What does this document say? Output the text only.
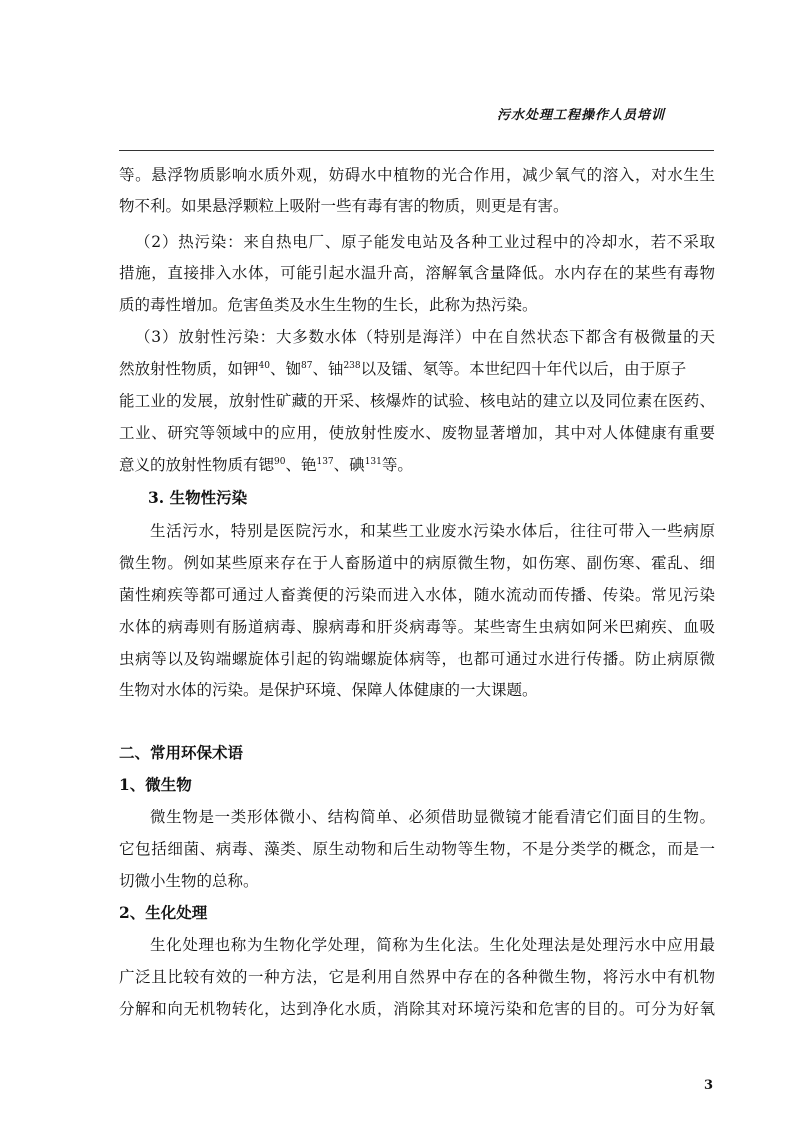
污水处理工程操作人员培训
等。悬浮物质影响水质外观，妨碍水中植物的光合作用，减少氧气的溶入，对水生生
物不利。如果悬浮颗粒上吸附一些有毒有害的物质，则更是有害。
（2）热污染：来自热电厂、原子能发电站及各种工业过程中的冷却水，若不采取
措施，直接排入水体，可能引起水温升高，溶解氧含量降低。水内存在的某些有毒物
质的毒性增加。危害鱼类及水生生物的生长，此称为热污染。
（3）放射性污染：大多数水体（特别是海洋）中在自然状态下都含有极微量的天
然放射性物质，如钾$^{40}$、铷$^{87}$、铀$^{238}$以及镭、氡等。本世纪四十年代以后，由于原子
能工业的发展，放射性矿藏的开采、核爆炸的试验、核电站的建立以及同位素在医药、
工业、研究等领域中的应用，使放射性废水、废物显著增加，其中对人体健康有重要
意义的放射性物质有锶$^{90}$、铯$^{137}$、碘$^{131}$等。
3. 生物性污染
生活污水，特别是医院污水，和某些工业废水污染水体后，往往可带入一些病原
微生物。例如某些原来存在于人畜肠道中的病原微生物，如伤寒、副伤寒、霍乱、细
菌性痢疾等都可通过人畜粪便的污染而进入水体，随水流动而传播、传染。常见污染
水体的病毒则有肠道病毒、腺病毒和肝炎病毒等。某些寄生虫病如阿米巴痢疾、血吸
虫病等以及钩端螺旋体引起的钩端螺旋体病等，也都可通过水进行传播。防止病原微
生物对水体的污染。是保护环境、保障人体健康的一大课题。
二、常用环保术语
1、微生物
微生物是一类形体微小、结构简单、必须借助显微镜才能看清它们面目的生物。
它包括细菌、病毒、藻类、原生动物和后生动物等生物，不是分类学的概念，而是一
切微小生物的总称。
2、生化处理
生化处理也称为生物化学处理，简称为生化法。生化处理法是处理污水中应用最
广泛且比较有效的一种方法，它是利用自然界中存在的各种微生物，将污水中有机物
分解和向无机物转化，达到净化水质，消除其对环境污染和危害的目的。可分为好氧
3
